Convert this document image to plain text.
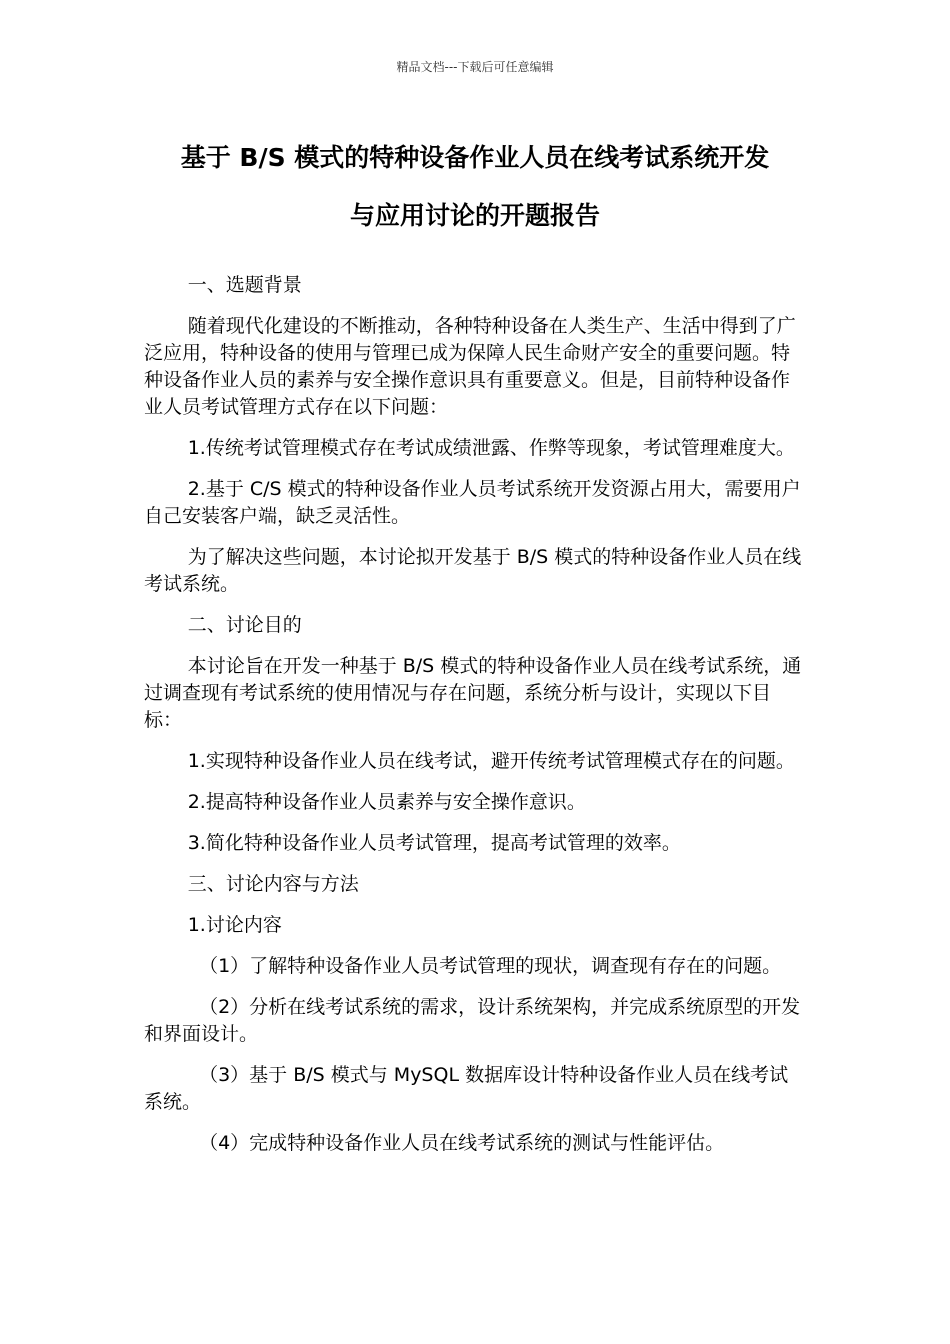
精品文档---下载后可任意编辑
基于 B/S 模式的特种设备作业人员在线考试系统开发
与应用讨论的开题报告

一、选题背景

随着现代化建设的不断推动，各种特种设备在人类生产、生活中得到了广泛应用，特种设备的使用与管理已成为保障人民生命财产安全的重要问题。特种设备作业人员的素养与安全操作意识具有重要意义。但是，目前特种设备作业人员考试管理方式存在以下问题：

1.传统考试管理模式存在考试成绩泄露、作弊等现象，考试管理难度大。

2.基于 C/S 模式的特种设备作业人员考试系统开发资源占用大，需要用户自己安装客户端，缺乏灵活性。

为了解决这些问题，本讨论拟开发基于 B/S 模式的特种设备作业人员在线考试系统。

二、讨论目的

本讨论旨在开发一种基于 B/S 模式的特种设备作业人员在线考试系统，通过调查现有考试系统的使用情况与存在问题，系统分析与设计，实现以下目标：

1.实现特种设备作业人员在线考试，避开传统考试管理模式存在的问题。

2.提高特种设备作业人员素养与安全操作意识。

3.简化特种设备作业人员考试管理，提高考试管理的效率。

三、讨论内容与方法

1.讨论内容

（1）了解特种设备作业人员考试管理的现状，调查现有存在的问题。

（2）分析在线考试系统的需求，设计系统架构，并完成系统原型的开发和界面设计。

（3）基于 B/S 模式与 MySQL 数据库设计特种设备作业人员在线考试系统。

（4）完成特种设备作业人员在线考试系统的测试与性能评估。
